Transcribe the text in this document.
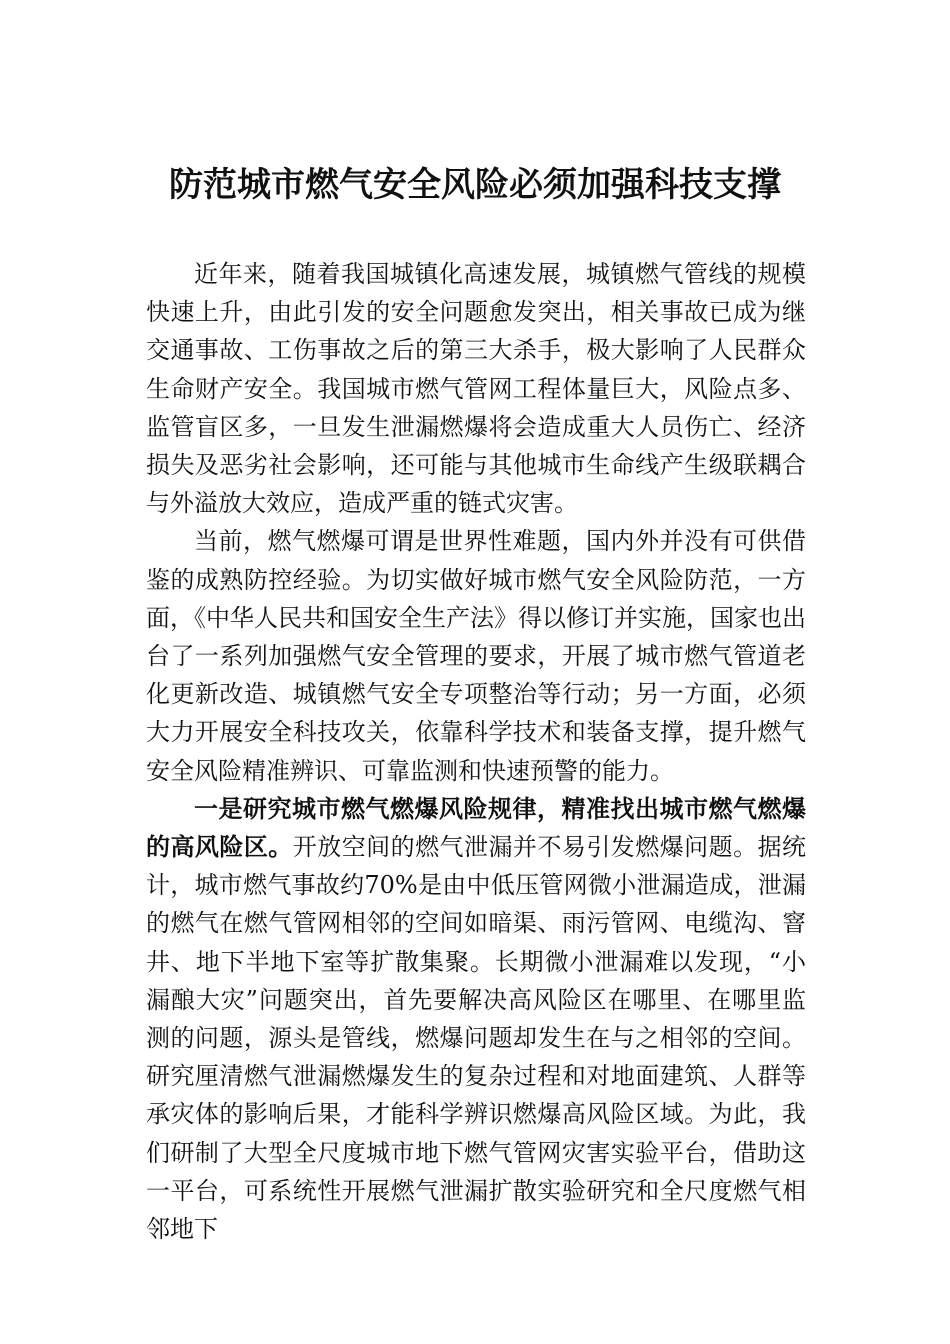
防范城市燃气安全风险必须加强科技支撑

近年来，随着我国城镇化高速发展，城镇燃气管线的规模快速上升，由此引发的安全问题愈发突出，相关事故已成为继交通事故、工伤事故之后的第三大杀手，极大影响了人民群众生命财产安全。我国城市燃气管网工程体量巨大，风险点多、监管盲区多，一旦发生泄漏燃爆将会造成重大人员伤亡、经济损失及恶劣社会影响，还可能与其他城市生命线产生级联耦合与外溢放大效应，造成严重的链式灾害。

当前，燃气燃爆可谓是世界性难题，国内外并没有可供借鉴的成熟防控经验。为切实做好城市燃气安全风险防范，一方面，《中华人民共和国安全生产法》得以修订并实施，国家也出台了一系列加强燃气安全管理的要求，开展了城市燃气管道老化更新改造、城镇燃气安全专项整治等行动；另一方面，必须大力开展安全科技攻关，依靠科学技术和装备支撑，提升燃气安全风险精准辨识、可靠监测和快速预警的能力。

一是研究城市燃气燃爆风险规律，精准找出城市燃气燃爆的高风险区。开放空间的燃气泄漏并不易引发燃爆问题。据统计，城市燃气事故约70%是由中低压管网微小泄漏造成，泄漏的燃气在燃气管网相邻的空间如暗渠、雨污管网、电缆沟、窨井、地下半地下室等扩散集聚。长期微小泄漏难以发现，“小漏酿大灾”问题突出，首先要解决高风险区在哪里、在哪里监测的问题，源头是管线，燃爆问题却发生在与之相邻的空间。研究厘清燃气泄漏燃爆发生的复杂过程和对地面建筑、人群等承灾体的影响后果，才能科学辨识燃爆高风险区域。为此，我们研制了大型全尺度城市地下燃气管网灾害实验平台，借助这一平台，可系统性开展燃气泄漏扩散实验研究和全尺度燃气相邻地下
